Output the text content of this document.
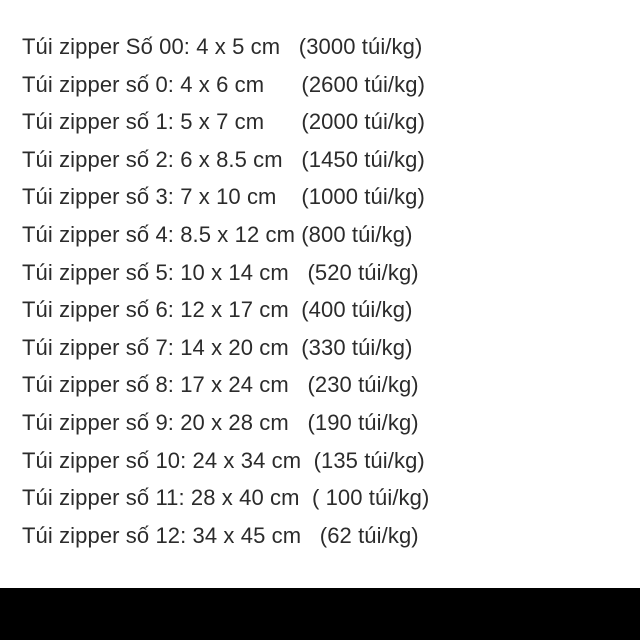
Túi zipper Số 00: 4 x 5 cm   (3000 túi/kg)
Túi zipper số 0: 4 x 6 cm      (2600 túi/kg)
Túi zipper số 1: 5 x 7 cm      (2000 túi/kg)
Túi zipper số 2: 6 x 8.5 cm   (1450 túi/kg)
Túi zipper số 3: 7 x 10 cm    (1000 túi/kg)
Túi zipper số 4: 8.5 x 12 cm (800 túi/kg)
Túi zipper số 5: 10 x 14 cm   (520 túi/kg)
Túi zipper số 6: 12 x 17 cm  (400 túi/kg)
Túi zipper số 7: 14 x 20 cm  (330 túi/kg)
Túi zipper số 8: 17 x 24 cm   (230 túi/kg)
Túi zipper số 9: 20 x 28 cm   (190 túi/kg)
Túi zipper số 10: 24 x 34 cm  (135 túi/kg)
Túi zipper số 11: 28 x 40 cm  ( 100 túi/kg)
Túi zipper số 12: 34 x 45 cm   (62 túi/kg)
